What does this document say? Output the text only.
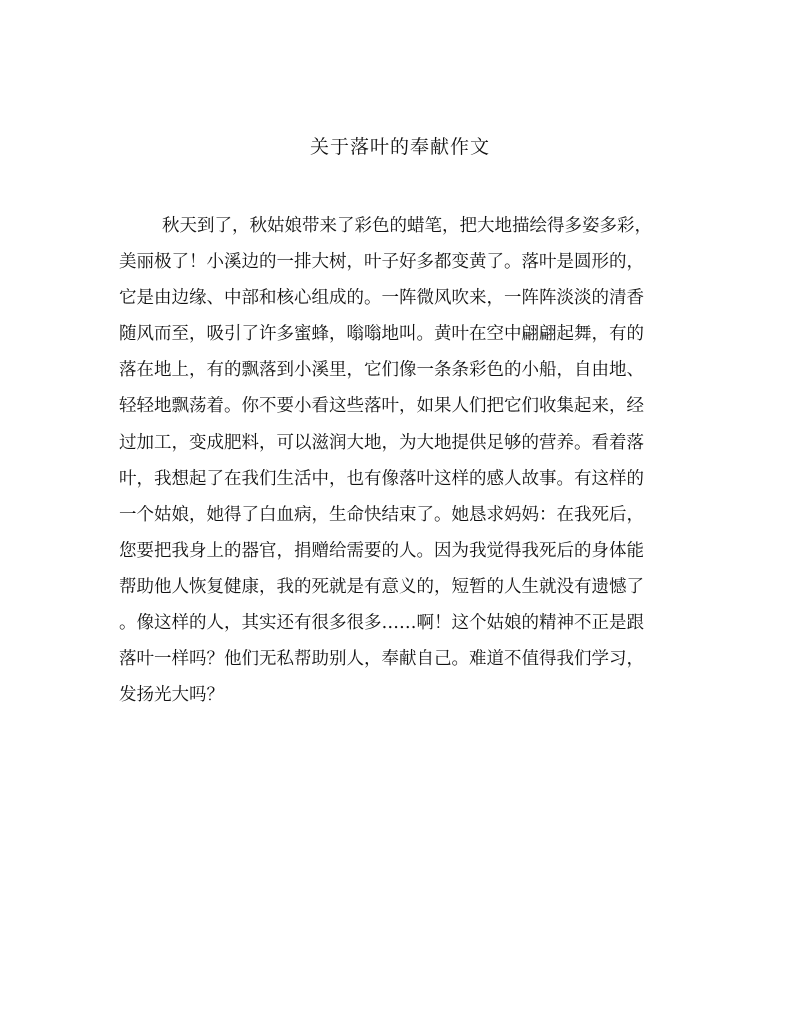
关于落叶的奉献作文
秋天到了，秋姑娘带来了彩色的蜡笔，把大地描绘得多姿多彩，
美丽极了！小溪边的一排大树，叶子好多都变黄了。落叶是圆形的，
它是由边缘、中部和核心组成的。一阵微风吹来，一阵阵淡淡的清香
随风而至，吸引了许多蜜蜂，嗡嗡地叫。黄叶在空中翩翩起舞，有的
落在地上，有的飘落到小溪里，它们像一条条彩色的小船，自由地、
轻轻地飘荡着。你不要小看这些落叶，如果人们把它们收集起来，经
过加工，变成肥料，可以滋润大地，为大地提供足够的营养。看着落
叶，我想起了在我们生活中，也有像落叶这样的感人故事。有这样的
一个姑娘，她得了白血病，生命快结束了。她恳求妈妈：在我死后，
您要把我身上的器官，捐赠给需要的人。因为我觉得我死后的身体能
帮助他人恢复健康，我的死就是有意义的，短暂的人生就没有遗憾了
。像这样的人，其实还有很多很多……啊！这个姑娘的精神不正是跟
落叶一样吗？他们无私帮助别人，奉献自己。难道不值得我们学习，
发扬光大吗？
